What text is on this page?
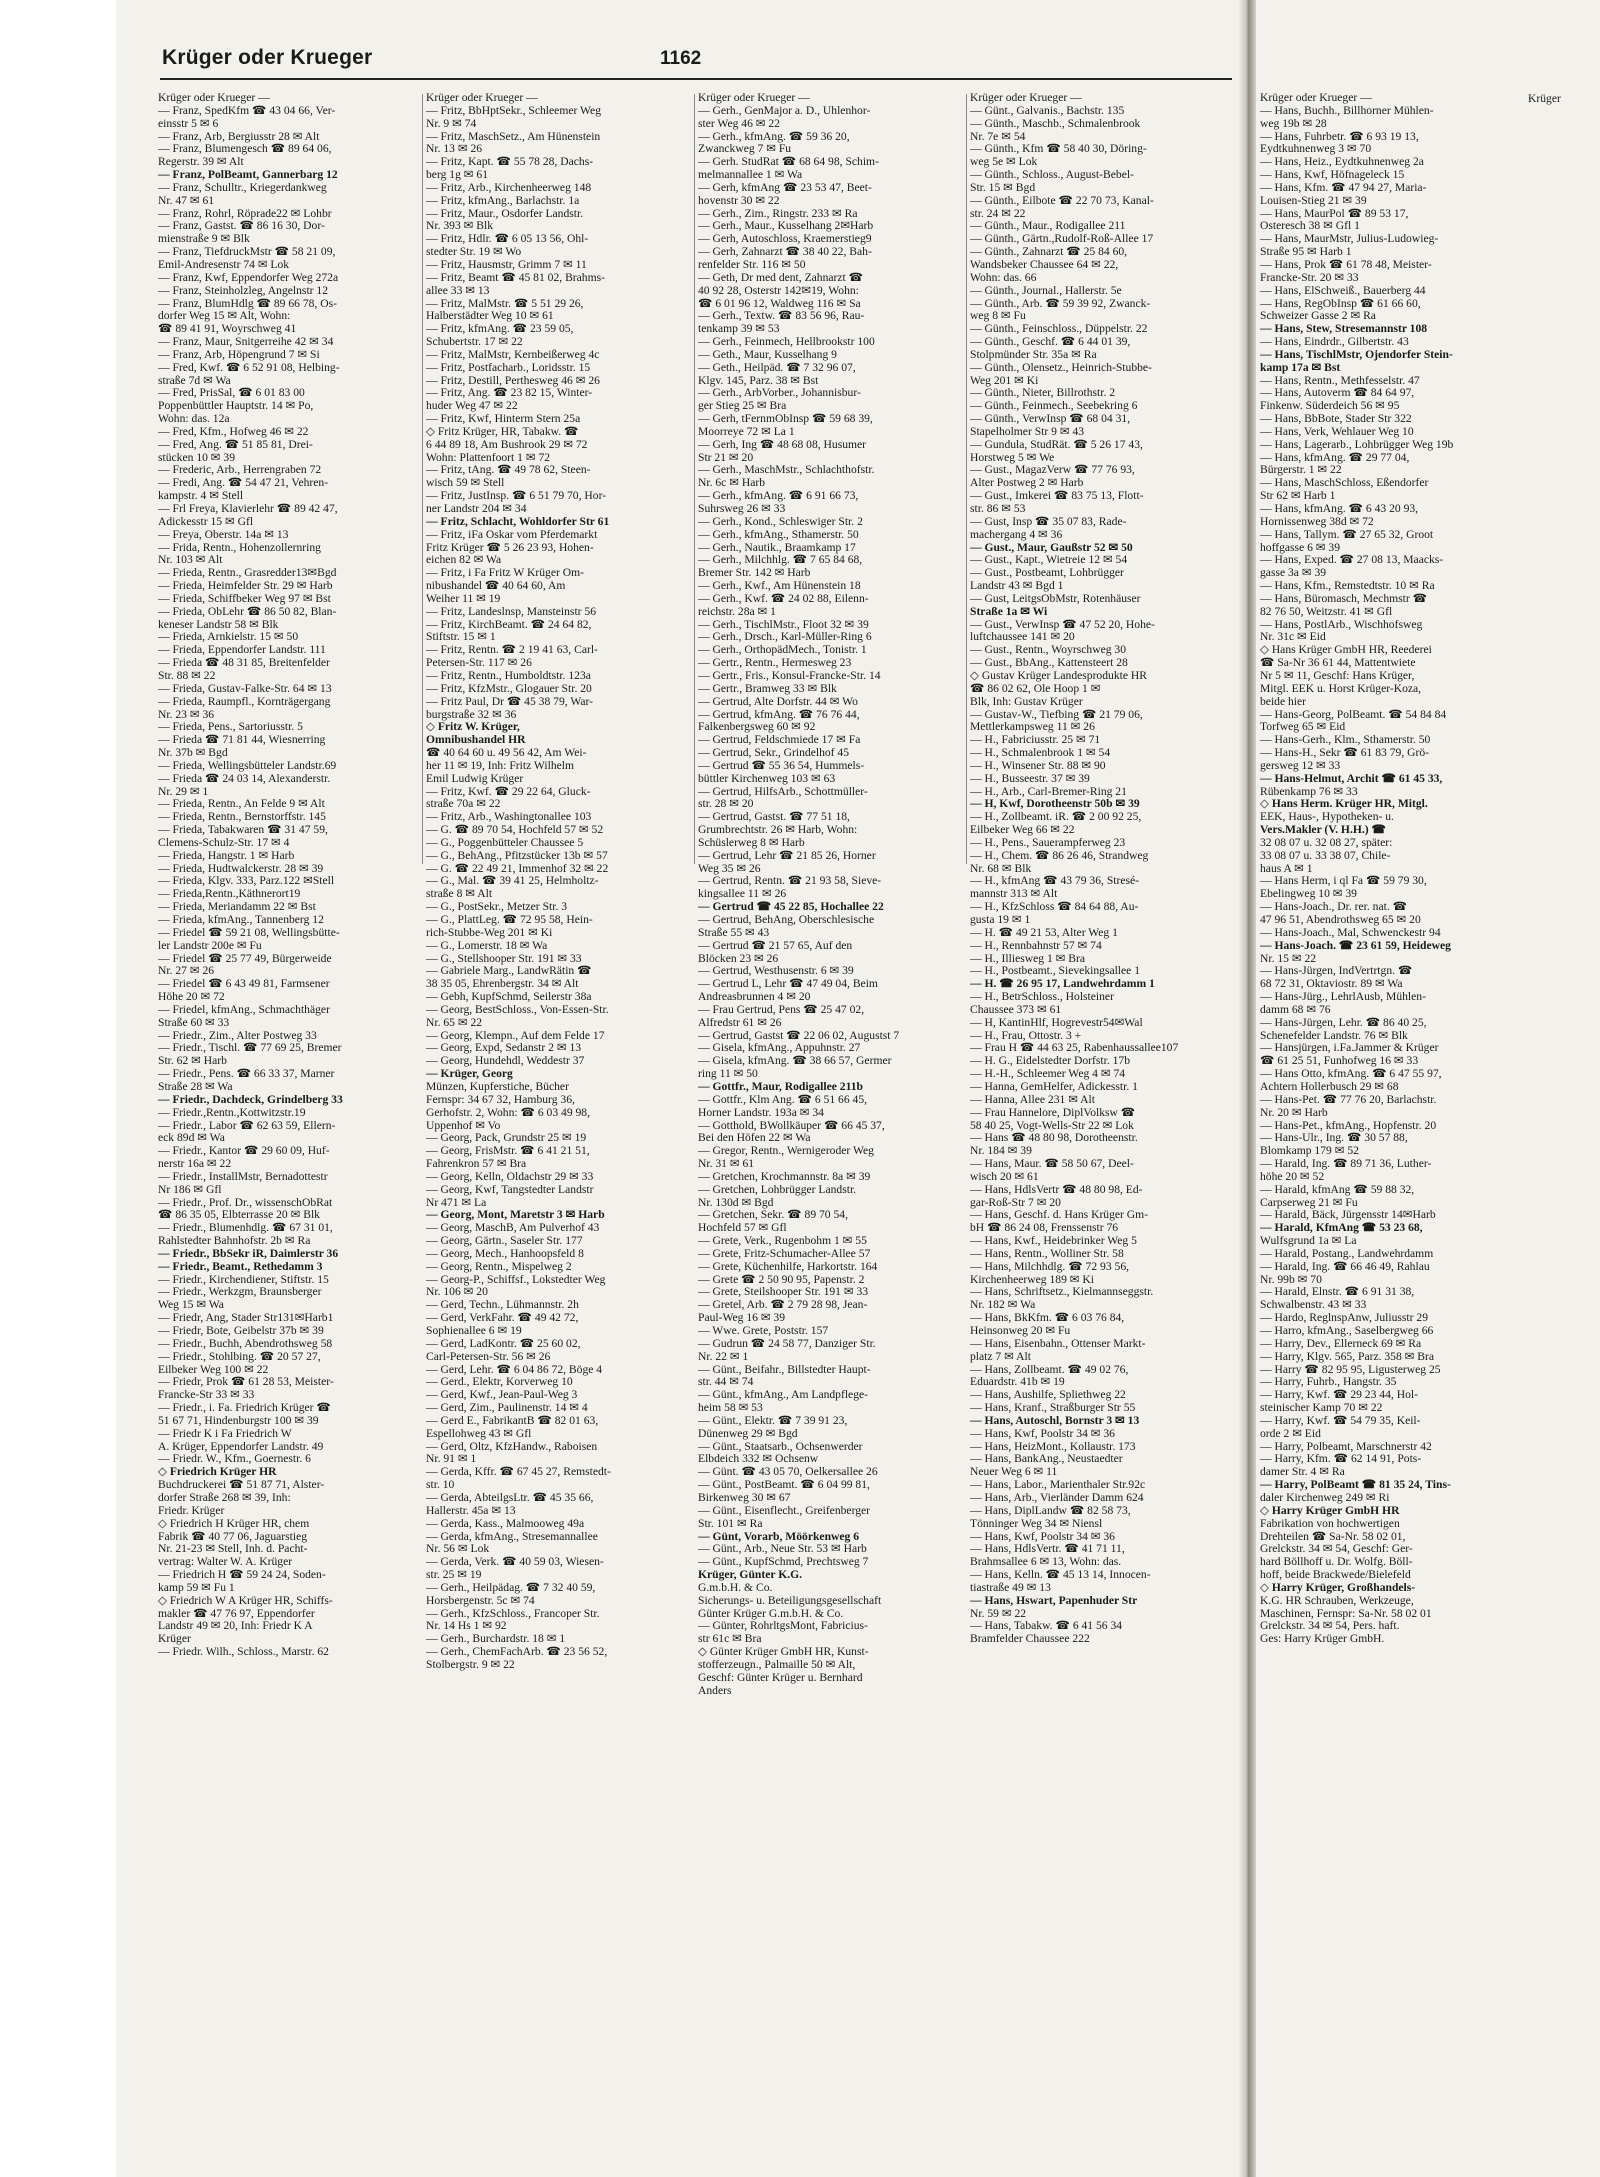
Krüger oder Krueger	1162
Krüger oder Krueger —
— Franz, SpedKfm ☎ 43 04 66, Ver-
einsstr 5 ✉ 6
— Franz, Arb, Bergiusstr 28 ✉ Alt
— Franz, Blumengesch ☎ 89 64 06,
Regerstr. 39 ✉ Alt
— Franz, PolBeamt, Gannerbarg 12
— Franz, Schulltr., Kriegerdankweg
Nr. 47 ✉ 61
— Franz, Rohrl, Röprade22 ✉ Lohbr
— Franz, Gastst. ☎ 86 16 30, Dor-
mienstraße 9 ✉ Blk
— Franz, TiefdruckMstr ☎ 58 21 09,
Emil-Andresenstr 74 ✉ Lok
— Franz, Kwf, Eppendorfer Weg 272a
— Franz, Steinholzleg, Angelnstr 12
— Franz, BlumHdlg ☎ 89 66 78, Os-
dorfer Weg 15 ✉ Alt, Wohn:
☎ 89 41 91, Woyrschweg 41
— Franz, Maur, Snitgerreihe 42 ✉ 34
— Franz, Arb, Höpengrund 7 ✉ Si
— Fred, Kwf. ☎ 6 52 91 08, Helbing-
straße 7d ✉ Wa
— Fred, PrisSal, ☎ 6 01 83 00
Poppenbüttler Hauptstr. 14 ✉ Po,
Wohn: das. 12a
— Fred, Kfm., Hofweg 46 ✉ 22
— Fred, Ang. ☎ 51 85 81, Drei-
stücken 10 ✉ 39
— Frederic, Arb., Herrengraben 72
— Fredi, Ang. ☎ 54 47 21, Vehren-
kampstr. 4 ✉ Stell
— Frl Freya, Klavierlehr ☎ 89 42 47,
Adickesstr 15 ✉ Gfl
— Freya, Oberstr. 14a ✉ 13
— Frida, Rentn., Hohenzollernring
Nr. 103 ✉ Alt
— Frieda, Rentn., Grasredder13✉Bgd
— Frieda, Heimfelder Str. 29 ✉ Harb
— Frieda, Schiffbeker Weg 97 ✉ Bst
— Frieda, ObLehr ☎ 86 50 82, Blan-
keneser Landstr 58 ✉ Blk
— Frieda, Arnkielstr. 15 ✉ 50
— Frieda, Eppendorfer Landstr. 111
— Frieda ☎ 48 31 85, Breitenfelder
Str. 88 ✉ 22
— Frieda, Gustav-Falke-Str. 64 ✉ 13
— Frieda, Raumpfl., Kornträgergang
Nr. 23 ✉ 36
— Frieda, Pens., Sartoriusstr. 5
— Frieda ☎ 71 81 44, Wiesnerring
Nr. 37b ✉ Bgd
— Frieda, Wellingsbütteler Landstr.69
— Frieda ☎ 24 03 14, Alexanderstr.
Nr. 29 ✉ 1
— Frieda, Rentn., An Felde 9 ✉ Alt
— Frieda, Rentn., Bernstorffstr. 145
— Frieda, Tabakwaren ☎ 31 47 59,
Clemens-Schulz-Str. 17 ✉ 4
— Frieda, Hangstr. 1 ✉ Harb
— Frieda, Hudtwalckerstr. 28 ✉ 39
— Frieda, Klgv. 333, Parz.122 ✉Stell
— Frieda,Rentn.,Käthnerort19
— Frieda, Meriandamm 22 ✉ Bst
— Frieda, kfmAng., Tannenberg 12
— Friedel ☎ 59 21 08, Wellingsbütte-
ler Landstr 200e ✉ Fu
— Friedel ☎ 25 77 49, Bürgerweide
Nr. 27 ✉ 26
— Friedel ☎ 6 43 49 81, Farmsener
Höhe 20 ✉ 72
— Friedel, kfmAng., Schmachthäger
Straße 60 ✉ 33
— Friedr., Zim., Alter Postweg 33
— Friedr., Tischl. ☎ 77 69 25, Bremer
Str. 62 ✉ Harb
— Friedr., Pens. ☎ 66 33 37, Marner
Straße 28 ✉ Wa
— Friedr., Dachdeck, Grindelberg 33
— Friedr.,Rentn.,Kottwitzstr.19
— Friedr., Labor ☎ 62 63 59, Ellern-
eck 89d ✉ Wa
— Friedr., Kantor ☎ 29 60 09, Huf-
nerstr 16a ✉ 22
— Friedr., InstallMstr, Bernadottestr
Nr 186 ✉ Gfl
— Friedr., Prof. Dr., wissenschObRat
☎ 86 35 05, Elbterrasse 20 ✉ Blk
— Friedr., Blumenhdlg. ☎ 67 31 01,
Rahlstedter Bahnhofstr. 2b ✉ Ra
— Friedr., BbSekr iR, Daimlerstr 36
— Friedr., Beamt., Rethedamm 3
— Friedr., Kirchendiener, Stiftstr. 15
— Friedr., Werkzgm, Braunsberger
Weg 15 ✉ Wa
— Friedr, Ang, Stader Str131✉Harb1
— Friedr, Bote, Geibelstr 37b ✉ 39
— Friedr., Buchh, Abendrothsweg 58
— Friedr., Stohlbing. ☎ 20 57 27,
Eilbeker Weg 100 ✉ 22
— Friedr, Prok ☎ 61 28 53, Meister-
Francke-Str 33 ✉ 33
— Friedr., i. Fa. Friedrich Krüger ☎
51 67 71, Hindenburgstr 100 ✉ 39
— Friedr K i Fa Friedrich W
A. Krüger, Eppendorfer Landstr. 49
— Friedr. W., Kfm., Goernestr. 6
◇ Friedrich Krüger HR
Buchdruckerei ☎ 51 87 71, Alster-
dorfer Straße 268 ✉ 39, Inh:
Friedr. Krüger
◇ Friedrich H Krüger HR, chem
Fabrik ☎ 40 77 06, Jaguarstieg
Nr. 21-23 ✉ Stell, Inh. d. Pacht-
vertrag: Walter W. A. Krüger
— Friedrich H ☎ 59 24 24, Soden-
kamp 59 ✉ Fu 1
◇ Friedrich W A Krüger HR, Schiffs-
makler ☎ 47 76 97, Eppendorfer
Landstr 49 ✉ 20, Inh: Friedr K A
Krüger
— Friedr. Wilh., Schloss., Marstr. 62
Krüger oder Krueger —
— Fritz, BbHptSekr., Schleemer Weg
Nr. 9 ✉ 74
— Fritz, MaschSetz., Am Hünenstein
Nr. 13 ✉ 26
— Fritz, Kapt. ☎ 55 78 28, Dachs-
berg 1g ✉ 61
— Fritz, Arb., Kirchenheerweg 148
— Fritz, kfmAng., Barlachstr. 1a
— Fritz, Maur., Osdorfer Landstr.
Nr. 393 ✉ Blk
— Fritz, Hdlr. ☎ 6 05 13 56, Ohl-
stedter Str. 19 ✉ Wo
— Fritz, Hausmstr, Grimm 7 ✉ 11
— Fritz, Beamt ☎ 45 81 02, Brahms-
allee 33 ✉ 13
— Fritz, MalMstr. ☎ 5 51 29 26,
Halberstädter Weg 10 ✉ 61
— Fritz, kfmAng. ☎ 23 59 05,
Schubertstr. 17 ✉ 22
— Fritz, MalMstr, Kernbeißerweg 4c
— Fritz, Postfacharb., Loridsstr. 15
— Fritz, Destill, Perthesweg 46 ✉ 26
— Fritz, Ang. ☎ 23 82 15, Winter-
huder Weg 47 ✉ 22
— Fritz, Kwf, Hinterm Stern 25a
◇ Fritz Krüger, HR, Tabakw. ☎
6 44 89 18, Am Bushrook 29 ✉ 72
Wohn: Plattenfoort 1 ✉ 72
— Fritz, tAng. ☎ 49 78 62, Steen-
wisch 59 ✉ Stell
— Fritz, JustInsp. ☎ 6 51 79 70, Hor-
ner Landstr 204 ✉ 34
— Fritz, Schlacht, Wohldorfer Str 61
— Fritz, iFa Oskar vom Pferdemarkt
Fritz Krüger ☎ 5 26 23 93, Hohen-
eichen 82 ✉ Wa
— Fritz, i Fa Fritz W Krüger Om-
nibushandel ☎ 40 64 60, Am
Weiher 11 ✉ 19
— Fritz, Landeslnsp, Mansteinstr 56
— Fritz, KirchBeamt. ☎ 24 64 82,
Stiftstr. 15 ✉ 1
— Fritz, Rentn. ☎ 2 19 41 63, Carl-
Petersen-Str. 117 ✉ 26
— Fritz, Rentn., Humboldtstr. 123a
— Fritz, KfzMstr., Glogauer Str. 20
— Fritz Paul, Dr ☎ 45 38 79, War-
burgstraße 32 ✉ 36
◇ Fritz W. Krüger,
Omnibushandel HR
☎ 40 64 60 u. 49 56 42, Am Wei-
her 11 ✉ 19, Inh: Fritz Wilhelm
Emil Ludwig Krüger
— Fritz, Kwf. ☎ 29 22 64, Gluck-
straße 70a ✉ 22
— Fritz, Arb., Washingtonallee 103
— G. ☎ 89 70 54, Hochfeld 57 ✉ 52
— G., Poggenbütteler Chaussee 5
— G., BehAng., Pfitzstücker 13b ✉ 57
— G. ☎ 22 49 21, Immenhof 32 ✉ 22
— G., Mal. ☎ 39 41 25, Helmholtz-
straße 8 ✉ Alt
— G., PostSekr., Metzer Str. 3
— G., PlattLeg. ☎ 72 95 58, Hein-
rich-Stubbe-Weg 201 ✉ Ki
— G., Lomerstr. 18 ✉ Wa
— G., Stellshooper Str. 191 ✉ 33
— Gabriele Marg., LandwRätin ☎
38 35 05, Ehrenbergstr. 34 ✉ Alt
— Gebh, KupfSchmd, Seilerstr 38a
— Georg, BestSchloss., Von-Essen-Str.
Nr. 65 ✉ 22
— Georg, Klempn., Auf dem Felde 17
— Georg, Expd, Sedanstr 2 ✉ 13
— Georg, Hundehdl, Weddestr 37
— Krüger, Georg
Münzen, Kupferstiche, Bücher
Fernspr: 34 67 32, Hamburg 36,
Gerhofstr. 2, Wohn: ☎ 6 03 49 98,
Uppenhof ✉ Vo
— Georg, Pack, Grundstr 25 ✉ 19
— Georg, FrisMstr. ☎ 6 41 21 51,
Fahrenkron 57 ✉ Bra
— Georg, Kelln, Oldachstr 29 ✉ 33
— Georg, Kwf, Tangstedter Landstr
Nr 471 ✉ La
— Georg, Mont, Maretstr 3 ✉ Harb
— Georg, MaschB, Am Pulverhof 43
— Georg, Gärtn., Saseler Str. 177
— Georg, Mech., Hanhoopsfeld 8
— Georg, Rentn., Mispelweg 2
— Georg-P., Schiffsf., Lokstedter Weg
Nr. 106 ✉ 20
— Gerd, Techn., Lühmannstr. 2h
— Gerd, VerkFahr. ☎ 49 42 72,
Sophienallee 6 ✉ 19
— Gerd, LadKontr. ☎ 25 60 02,
Carl-Petersen-Str. 56 ✉ 26
— Gerd, Lehr. ☎ 6 04 86 72, Böge 4
— Gerd., Elektr, Korverweg 10
— Gerd, Kwf., Jean-Paul-Weg 3
— Gerd, Zim., Paulinenstr. 14 ✉ 4
— Gerd E., FabrikantB ☎ 82 01 63,
Espellohweg 43 ✉ Gfl
— Gerd, Oltz, KfzHandw., Raboisen
Nr. 91 ✉ 1
— Gerda, Kffr. ☎ 67 45 27, Remstedt-
str. 10
— Gerda, AbteilgsLtr. ☎ 45 35 66,
Hallerstr. 45a ✉ 13
— Gerda, Kass., Malmooweg 49a
— Gerda, kfmAng., Stresemannallee
Nr. 56 ✉ Lok
— Gerda, Verk. ☎ 40 59 03, Wiesen-
str. 25 ✉ 19
— Gerh., Heilpädag. ☎ 7 32 40 59,
Horsbergenstr. 5c ✉ 74
— Gerh., KfzSchloss., Francoper Str.
Nr. 14 Hs 1 ✉ 92
— Gerh., Burchardstr. 18 ✉ 1
— Gerh., ChemFachArb. ☎ 23 56 52,
Stolbergstr. 9 ✉ 22
Krüger oder Krueger —
— Gerh., GenMajor a. D., Uhlenhor-
ster Weg 46 ✉ 22
— Gerh., kfmAng. ☎ 59 36 20,
Zwanckweg 7 ✉ Fu
— Gerh. StudRat ☎ 68 64 98, Schim-
melmannallee 1 ✉ Wa
— Gerh, kfmAng ☎ 23 53 47, Beet-
hovenstr 30 ✉ 22
— Gerh., Zim., Ringstr. 233 ✉ Ra
— Gerh., Maur., Kusselhang 2✉Harb
— Gerh, Autoschloss, Kraemerstieg9
— Gerh, Zahnarzt ☎ 38 40 22, Bah-
renfelder Str. 116 ✉ 50
— Geth, Dr med dent, Zahnarzt ☎
40 92 28, Osterstr 142✉19, Wohn:
☎ 6 01 96 12, Waldweg 116 ✉ Sa
— Gerh., Textw. ☎ 83 56 96, Rau-
tenkamp 39 ✉ 53
— Gerh., Feinmech, Hellbrookstr 100
— Geth., Maur, Kusselhang 9
— Geth., Heilpäd. ☎ 7 32 96 07,
Klgv. 145, Parz. 38 ✉ Bst
— Gerh., ArbVorber., Johannisbur-
ger Stieg 25 ✉ Bra
— Gerh, tFernmObInsp ☎ 59 68 39,
Moorreye 72 ✉ La 1
— Gerh, Ing ☎ 48 68 08, Husumer
Str 21 ✉ 20
— Gerh., MaschMstr., Schlachthofstr.
Nr. 6c ✉ Harb
— Gerh., kfmAng. ☎ 6 91 66 73,
Suhrsweg 26 ✉ 33
— Gerh., Kond., Schleswiger Str. 2
— Gerh., kfmAng., Sthamerstr. 50
— Gerh., Nautik., Braamkamp 17
— Gerh., Milchhlg. ☎ 7 65 84 68,
Bremer Str. 142 ✉ Harb
— Gerh., Kwf., Am Hünenstein 18
— Gerh., Kwf. ☎ 24 02 88, Eilenn-
reichstr. 28a ✉ 1
— Gerh., TischlMstr., Floot 32 ✉ 39
— Gerh., Drsch., Karl-Müller-Ring 6
— Gerh., OrthopädMech., Tonistr. 1
— Gertr., Rentn., Hermesweg 23
— Gertr., Fris., Konsul-Francke-Str. 14
— Gertr., Bramweg 33 ✉ Blk
— Gertrud, Alte Dorfstr. 44 ✉ Wo
— Gertrud, kfmAng. ☎ 76 76 44,
Falkenbergsweg 60 ✉ 92
— Gertrud, Feldschmiede 17 ✉ Fa
— Gertrud, Sekr., Grindelhof 45
— Gertrud ☎ 55 36 54, Hummels-
büttler Kirchenweg 103 ✉ 63
— Gertrud, HilfsArb., Schottmüller-
str. 28 ✉ 20
— Gertrud, Gastst. ☎ 77 51 18,
Grumbrechtstr. 26 ✉ Harb, Wohn:
Schüslerweg 8 ✉ Harb
— Gertrud, Lehr ☎ 21 85 26, Horner
Weg 35 ✉ 26
— Gertrud, Rentn. ☎ 21 93 58, Sieve-
kingsallee 11 ✉ 26
— Gertrud ☎ 45 22 85, Hochallee 22
— Gertrud, BehAng, Oberschlesische
Straße 55 ✉ 43
— Gertrud ☎ 21 57 65, Auf den
Blöcken 23 ✉ 26
— Gertrud, Westhusenstr. 6 ✉ 39
— Gertrud L, Lehr ☎ 47 49 04, Beim
Andreasbrunnen 4 ✉ 20
— Frau Gertrud, Pens ☎ 25 47 02,
Alfredstr 61 ✉ 26
— Gertrud, Gastst ☎ 22 06 02, Augustst 7
— Gisela, kfmAng., Appuhnstr. 27
— Gisela, kfmAng. ☎ 38 66 57, Germer
ring 11 ✉ 50
— Gottfr., Maur, Rodigallee 211b
— Gottfr., Klm Ang. ☎ 6 51 66 45,
Horner Landstr. 193a ✉ 34
— Gotthold, BWollkäuper ☎ 66 45 37,
Bei den Höfen 22 ✉ Wa
— Gregor, Rentn., Wernigeroder Weg
Nr. 31 ✉ 61
— Gretchen, Krochmannstr. 8a ✉ 39
— Gretchen, Lohbrügger Landstr.
Nr. 130d ✉ Bgd
— Gretchen, Sekr. ☎ 89 70 54,
Hochfeld 57 ✉ Gfl
— Grete, Verk., Rugenbohm 1 ✉ 55
— Grete, Fritz-Schumacher-Allee 57
— Grete, Küchenhilfe, Harkortstr. 164
— Grete ☎ 2 50 90 95, Papenstr. 2
— Grete, Steilshooper Str. 191 ✉ 33
— Gretel, Arb. ☎ 2 79 28 98, Jean-
Paul-Weg 16 ✉ 39
— Wwe. Grete, Poststr. 157
— Gudrun ☎ 24 58 77, Danziger Str.
Nr. 22 ✉ 1
— Günt., Beifahr., Billstedter Haupt-
str. 44 ✉ 74
— Günt., kfmAng., Am Landpflege-
heim 58 ✉ 53
— Günt., Elektr. ☎ 7 39 91 23,
Dünenweg 29 ✉ Bgd
— Günt., Staatsarb., Ochsenwerder
Elbdeich 332 ✉ Ochsenw
— Günt. ☎ 43 05 70, Oelkersallee 26
— Günt., PostBeamt. ☎ 6 04 99 81,
Birkenweg 30 ✉ 67
— Günt., Eisenflecht., Greifenberger
Str. 101 ✉ Ra
— Günt, Vorarb, Möörkenweg 6
— Günt., Arb., Neue Str. 53 ✉ Harb
— Günt., KupfSchmd, Prechtsweg 7
Krüger, Günter K.G.
G.m.b.H. & Co.
Sicherungs- u. Beteiligungsgesellschaft
Günter Krüger G.m.b.H. & Co.
— Günter, RohrltgsMont, Fabricius-
str 61c ✉ Bra
◇ Günter Krüger GmbH HR, Kunst-
stofferzeugn., Palmaille 50 ✉ Alt,
Geschf: Günter Krüger u. Bernhard
Anders
Krüger oder Krueger —
— Günt., Galvanis., Bachstr. 135
— Günth., Maschb., Schmalenbrook
Nr. 7e ✉ 54
— Günth., Kfm ☎ 58 40 30, Döring-
weg 5e ✉ Lok
— Günth., Schloss., August-Bebel-
Str. 15 ✉ Bgd
— Günth., Eilbote ☎ 22 70 73, Kanal-
str. 24 ✉ 22
— Günth., Maur., Rodigallee 211
— Günth., Gärtn.,Rudolf-Roß-Allee 17
— Günth., Zahnarzt ☎ 25 84 60,
Wandsbeker Chaussee 64 ✉ 22,
Wohn: das. 66
— Günth., Journal., Hallerstr. 5e
— Günth., Arb. ☎ 59 39 92, Zwanck-
weg 8 ✉ Fu
— Günth., Feinschloss., Düppelstr. 22
— Günth., Geschf. ☎ 6 44 01 39,
Stolpmünder Str. 35a ✉ Ra
— Günth., Olensetz., Heinrich-Stubbe-
Weg 201 ✉ Ki
— Günth., Nieter, Billrothstr. 2
— Günth., Feinmech., Seebekring 6
— Günth., VerwInsp ☎ 68 04 31,
Stapelholmer Str 9 ✉ 43
— Gundula, StudRät. ☎ 5 26 17 43,
Horstweg 5 ✉ We
— Gust., MagazVerw ☎ 77 76 93,
Alter Postweg 2 ✉ Harb
— Gust., Imkerei ☎ 83 75 13, Flott-
str. 86 ✉ 53
— Gust, Insp ☎ 35 07 83, Rade-
machergang 4 ✉ 36
— Gust., Maur, Gaußstr 52 ✉ 50
— Gust., Kapt., Wietreie 12 ✉ 54
— Gust., Postbeamt, Lohbrügger
Landstr 43 ✉ Bgd 1
— Gust, LeitgsObMstr, Rotenhäuser
Straße 1a ✉ Wi
— Gust., VerwInsp ☎ 47 52 20, Hohe-
luftchaussee 141 ✉ 20
— Gust., Rentn., Woyrschweg 30
— Gust., BbAng., Kattensteert 28
◇ Gustav Krüger Landesprodukte HR
☎ 86 02 62, Ole Hoop 1 ✉
Blk, Inh: Gustav Krüger
— Gustav-W., Tiefbing ☎ 21 79 06,
Mettlerkampsweg 11 ✉ 26
— H., Fabriciusstr. 25 ✉ 71
— H., Schmalenbrook 1 ✉ 54
— H., Winsener Str. 88 ✉ 90
— H., Busseestr. 37 ✉ 39
— H., Arb., Carl-Bremer-Ring 21
— H, Kwf, Dorotheenstr 50b ✉ 39
— H., Zollbeamt. iR. ☎ 2 00 92 25,
Eilbeker Weg 66 ✉ 22
— H., Pens., Sauerampferweg 23
— H., Chem. ☎ 86 26 46, Strandweg
Nr. 68 ✉ Blk
— H., kfmAng ☎ 43 79 36, Stresé-
mannstr 313 ✉ Alt
— H., KfzSchloss ☎ 84 64 88, Au-
gusta 19 ✉ 1
— H. ☎ 49 21 53, Alter Weg 1
— H., Rennbahnstr 57 ✉ 74
— H., Illiesweg 1 ✉ Bra
— H., Postbeamt., Sievekingsallee 1
— H. ☎ 26 95 17, Landwehrdamm 1
— H., BetrSchloss., Holsteiner
Chaussee 373 ✉ 61
— H, KantinHlf, Hogrevestr54✉Wal
— H., Frau, Ottostr. 3 +
— Frau H ☎ 44 63 25, Rabenhaussallee107
— H. G., Eidelstedter Dorfstr. 17b
— H.-H., Schleemer Weg 4 ✉ 74
— Hanna, GemHelfer, Adickesstr. 1
— Hanna, Allee 231 ✉ Alt
— Frau Hannelore, DiplVolksw ☎
58 40 25, Vogt-Wells-Str 22 ✉ Lok
— Hans ☎ 48 80 98, Dorotheenstr.
Nr. 184 ✉ 39
— Hans, Maur. ☎ 58 50 67, Deel-
wisch 20 ✉ 61
— Hans, HdlsVertr ☎ 48 80 98, Ed-
gar-Roß-Str 7 ✉ 20
— Hans, Geschf. d. Hans Krüger Gm-
bH ☎ 86 24 08, Frenssenstr 76
— Hans, Kwf., Heidebrinker Weg 5
— Hans, Rentn., Wolliner Str. 58
— Hans, Milchhdlg. ☎ 72 93 56,
Kirchenheerweg 189 ✉ Ki
— Hans, Schriftsetz., Kielmannseggstr.
Nr. 182 ✉ Wa
— Hans, BkKfm. ☎ 6 03 76 84,
Heinsonweg 20 ✉ Fu
— Hans, Eisenbahn., Ottenser Markt-
platz 7 ✉ Alt
— Hans, Zollbeamt. ☎ 49 02 76,
Eduardstr. 41b ✉ 19
— Hans, Aushilfe, Spliethweg 22
— Hans, Kranf., Straßburger Str 55
— Hans, Autoschl, Bornstr 3 ✉ 13
— Hans, Kwf, Poolstr 34 ✉ 36
— Hans, HeizMont., Kollaustr. 173
— Hans, BankAng., Neustaedter
Neuer Weg 6 ✉ 11
— Hans, Labor., Marienthaler Str.92c
— Hans, Arb., Vierländer Damm 624
— Hans, DiplLandw ☎ 82 58 73,
Tönninger Weg 34 ✉ Niensl
— Hans, Kwf, Poolstr 34 ✉ 36
— Hans, HdlsVertr. ☎ 41 71 11,
Brahmsallee 6 ✉ 13, Wohn: das.
— Hans, Kelln. ☎ 45 13 14, Innocen-
tiastraße 49 ✉ 13
— Hans, Hswart, Papenhuder Str
Nr. 59 ✉ 22
— Hans, Tabakw. ☎ 6 41 56 34
Bramfelder Chaussee 222
Krüger oder Krueger —
— Hans, Buchh., Billhorner Mühlen-
weg 19b ✉ 28
— Hans, Fuhrbetr. ☎ 6 93 19 13,
Eydtkuhnenweg 3 ✉ 70
— Hans, Heiz., Eydtkuhnenweg 2a
— Hans, Kwf, Höfnageleck 15
— Hans, Kfm. ☎ 47 94 27, Maria-
Louisen-Stieg 21 ✉ 39
— Hans, MaurPol ☎ 89 53 17,
Osteresch 38 ✉ Gfl 1
— Hans, MaurMstr, Julius-Ludowieg-
Straße 95 ✉ Harb 1
— Hans, Prok ☎ 61 78 48, Meister-
Francke-Str. 20 ✉ 33
— Hans, ElSchweiß., Bauerberg 44
— Hans, RegObInsp ☎ 61 66 60,
Schweizer Gasse 2 ✉ Ra
— Hans, Stew, Stresemannstr 108
— Hans, Eindrdr., Gilbertstr. 43
— Hans, TischlMstr, Ojendorfer Stein-
kamp 17a ✉ Bst
— Hans, Rentn., Methfesselstr. 47
— Hans, Autoverm ☎ 84 64 97,
Finkenw. Süderdeich 56 ✉ 95
— Hans, BbBote, Stader Str 322
— Hans, Verk, Wehlauer Weg 10
— Hans, Lagerarb., Lohbrügger Weg 19b
— Hans, kfmAng. ☎ 29 77 04,
Bürgerstr. 1 ✉ 22
— Hans, MaschSchloss, Eßendorfer
Str 62 ✉ Harb 1
— Hans, kfmAng. ☎ 6 43 20 93,
Hornissenweg 38d ✉ 72
— Hans, Tallym. ☎ 27 65 32, Groot
hoffgasse 6 ✉ 39
— Hans, Exped. ☎ 27 08 13, Maacks-
gasse 3a ✉ 39
— Hans, Kfm., Remstedtstr. 10 ✉ Ra
— Hans, Büromasch, Mechmstr ☎
82 76 50, Weitzstr. 41 ✉ Gfl
— Hans, PostlArb., Wischhofsweg
Nr. 31c ✉ Eid
◇ Hans Krüger GmbH HR, Reederei
☎ Sa-Nr 36 61 44, Mattentwiete
Nr 5 ✉ 11, Geschf: Hans Krüger,
Mitgl. EEK u. Horst Krüger-Koza,
beide hier
— Hans-Georg, PolBeamt. ☎ 54 84 84
Torfweg 65 ✉ Eid
— Hans-Gerh., Klm., Sthamerstr. 50
— Hans-H., Sekr ☎ 61 83 79, Grö-
gersweg 12 ✉ 33
— Hans-Helmut, Archit ☎ 61 45 33,
Rübenkamp 76 ✉ 33
◇ Hans Herm. Krüger HR, Mitgl.
EEK, Haus-, Hypotheken- u.
Vers.Makler (V. H.H.) ☎
32 08 07 u. 32 08 27, später:
33 08 07 u. 33 38 07, Chile-
haus A ✉ 1
— Hans Herm, i ql Fa ☎ 59 79 30,
Ebelingweg 10 ✉ 39
— Hans-Joach., Dr. rer. nat. ☎
47 96 51, Abendrothsweg 65 ✉ 20
— Hans-Joach., Mal, Schwenckestr 94
— Hans-Joach. ☎ 23 61 59, Heideweg
Nr. 15 ✉ 22
— Hans-Jürgen, IndVertrtgn. ☎
68 72 31, Oktaviostr. 89 ✉ Wa
— Hans-Jürg., LehrlAusb, Mühlen-
damm 68 ✉ 76
— Hans-Jürgen, Lehr. ☎ 86 40 25,
Schenefelder Landstr. 76 ✉ Blk
— Hansjürgen, i.Fa.Jammer & Krüger
☎ 61 25 51, Funhofweg 16 ✉ 33
— Hans Otto, kfmAng. ☎ 6 47 55 97,
Achtern Hollerbusch 29 ✉ 68
— Hans-Pet. ☎ 77 76 20, Barlachstr.
Nr. 20 ✉ Harb
— Hans-Pet., kfmAng., Hopfenstr. 20
— Hans-Ulr., Ing. ☎ 30 57 88,
Blomkamp 179 ✉ 52
— Harald, Ing. ☎ 89 71 36, Luther-
höhe 20 ✉ 52
— Harald, kfmAng ☎ 59 88 32,
Carpserweg 21 ✉ Fu
— Harald, Bäck, Jürgensstr 14✉Harb
— Harald, KfmAng ☎ 53 23 68,
Wulfsgrund 1a ✉ La
— Harald, Postang., Landwehrdamm
— Harald, Ing. ☎ 66 46 49, Rahlau
Nr. 99b ✉ 70
— Harald, Elnstr. ☎ 6 91 31 38,
Schwalbenstr. 43 ✉ 33
— Hardo, ReglnspAnw, Juliusstr 29
— Harro, kfmAng., Saselbergweg 66
— Harry, Dev., Ellerneck 69 ✉ Ra
— Harry, Klgv. 565, Parz. 358 ✉ Bra
— Harry ☎ 82 95 95, Ligusterweg 25
— Harry, Fuhrb., Hangstr. 35
— Harry, Kwf. ☎ 29 23 44, Hol-
steinischer Kamp 70 ✉ 22
— Harry, Kwf. ☎ 54 79 35, Keil-
orde 2 ✉ Eid
— Harry, Polbeamt, Marschnerstr 42
— Harry, Kfm. ☎ 62 14 91, Pots-
damer Str. 4 ✉ Ra
— Harry, PolBeamt ☎ 81 35 24, Tins-
daler Kirchenweg 249 ✉ Ri
◇ Harry Krüger GmbH HR
Fabrikation von hochwertigen
Drehteilen ☎ Sa-Nr. 58 02 01,
Grelckstr. 34 ✉ 54, Geschf: Ger-
hard Böllhoff u. Dr. Wolfg. Böll-
hoff, beide Brackwede/Bielefeld
◇ Harry Krüger, Großhandels-
K.G. HR Schrauben, Werkzeuge,
Maschinen, Fernspr: Sa-Nr. 58 02 01
Grelckstr. 34 ✉ 54, Pers. haft.
Ges: Harry Krüger GmbH.
Krüger
